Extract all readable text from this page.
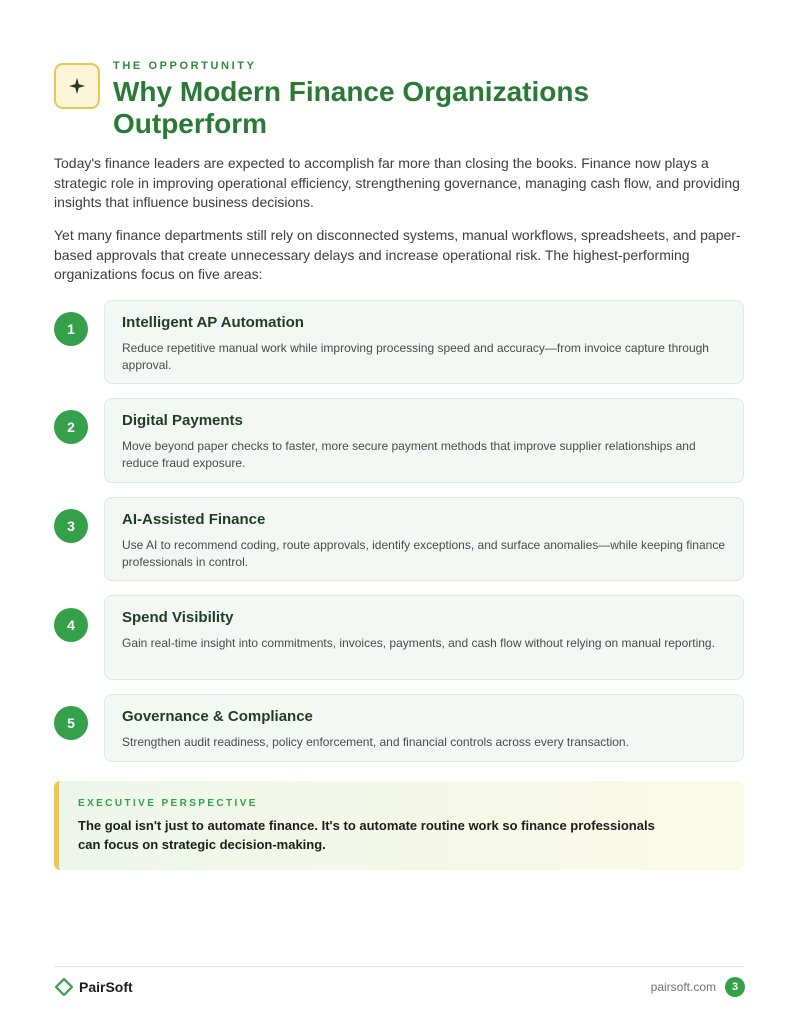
THE OPPORTUNITY
Why Modern Finance Organizations Outperform

Today's finance leaders are expected to accomplish far more than closing the books. Finance now plays a strategic role in improving operational efficiency, strengthening governance, managing cash flow, and providing insights that influence business decisions.

Yet many finance departments still rely on disconnected systems, manual workflows, spreadsheets, and paper-based approvals that create unnecessary delays and increase operational risk. The highest-performing organizations focus on five areas:

1	Intelligent AP Automation
Reduce repetitive manual work while improving processing speed and accuracy—from invoice capture through approval.
2	Digital Payments
Move beyond paper checks to faster, more secure payment methods that improve supplier relationships and reduce fraud exposure.
3	AI-Assisted Finance
Use AI to recommend coding, route approvals, identify exceptions, and surface anomalies—while keeping finance professionals in control.
4	Spend Visibility
Gain real-time insight into commitments, invoices, payments, and cash flow without relying on manual reporting.
5	Governance & Compliance
Strengthen audit readiness, policy enforcement, and financial controls across every transaction.
EXECUTIVE PERSPECTIVE
The goal isn't just to automate finance. It's to automate routine work so finance professionals can focus on strategic decision-making.
PairSoft	pairsoft.com	3
